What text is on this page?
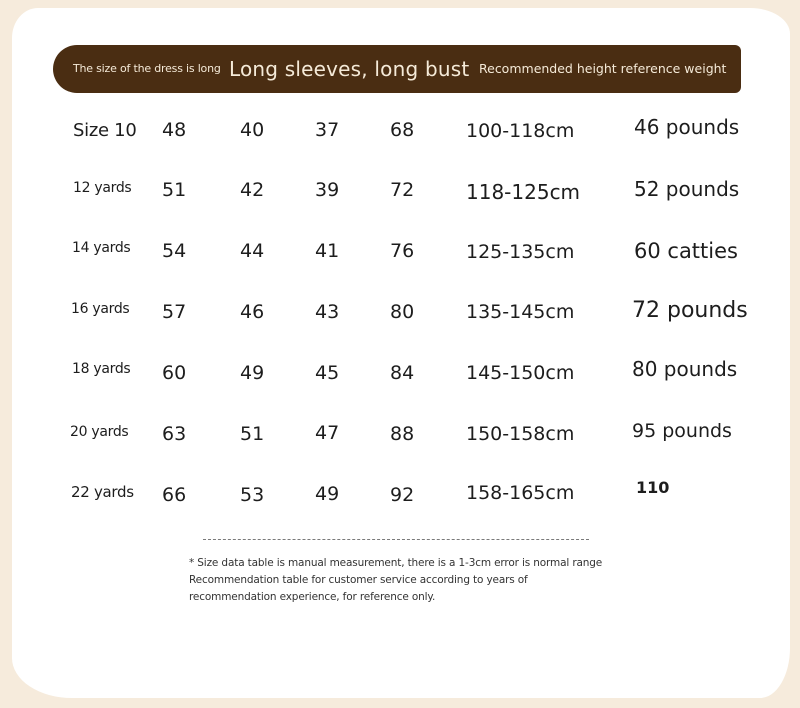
The size of the dress is long Long sleeves, long bust Recommended height reference weight
Size 10 48	40	37	68	100-118cm	46 pounds
12 yards 51	42	39	72	118-125cm	52 pounds
14 yards 54	44	41	76	125-135cm	60 catties
16 yards 57	46	43	80	135-145cm	72 pounds
18 yards 60	49	45	84	145-150cm	80 pounds
20 yards 63	51	47	88	150-158cm	95 pounds
22 yards 66	53	49	92	158-165cm	110
* Size data table is manual measurement, there is a 1-3cm error is normal range
Recommendation table for customer service according to years of
recommendation experience, for reference only.
